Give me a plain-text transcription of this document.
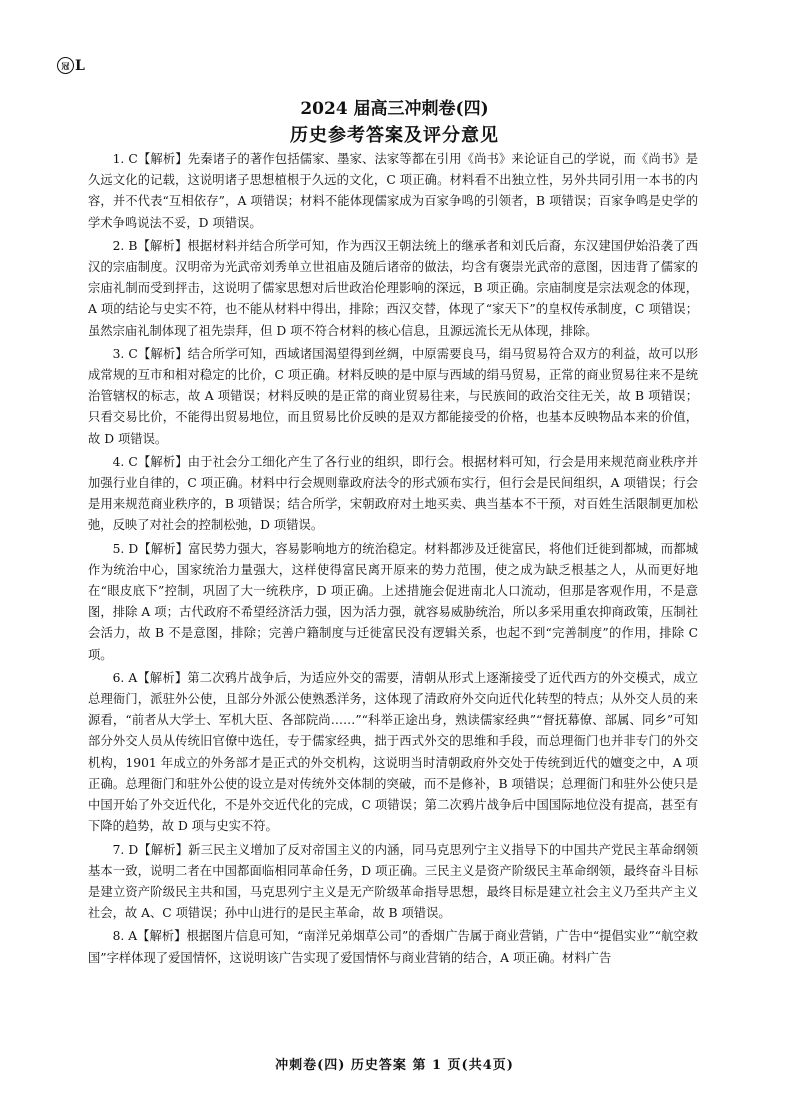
冠 L
2024 届高三冲刺卷(四)
历史参考答案及评分意见

1. C【解析】先秦诸子的著作包括儒家、墨家、法家等都在引用《尚书》来论证自己的学说，而《尚书》是久远文化的记载，这说明诸子思想植根于久远的文化，C 项正确。材料看不出独立性，另外共同引用一本书的内容，并不代表“互相依存”，A 项错误；材料不能体现儒家成为百家争鸣的引领者，B 项错误；百家争鸣是史学的学术争鸣说法不妥，D 项错误。

2. B【解析】根据材料并结合所学可知，作为西汉王朝法统上的继承者和刘氏后裔，东汉建国伊始沿袭了西汉的宗庙制度。汉明帝为光武帝刘秀单立世祖庙及随后诸帝的做法，均含有褒崇光武帝的意图，因违背了儒家的宗庙礼制而受到抨击，这说明了儒家思想对后世政治伦理影响的深远，B 项正确。宗庙制度是宗法观念的体现，A 项的结论与史实不符，也不能从材料中得出，排除；西汉交替，体现了“家天下”的皇权传承制度，C 项错误；虽然宗庙礼制体现了祖先崇拜，但 D 项不符合材料的核心信息，且源远流长无从体现，排除。

3. C【解析】结合所学可知，西域诸国渴望得到丝绸，中原需要良马，绢马贸易符合双方的利益，故可以形成常规的互市和相对稳定的比价，C 项正确。材料反映的是中原与西域的绢马贸易，正常的商业贸易往来不是统治管辖权的标志，故 A 项错误；材料反映的是正常的商业贸易往来，与民族间的政治交往无关，故 B 项错误；只看交易比价，不能得出贸易地位，而且贸易比价反映的是双方都能接受的价格，也基本反映物品本来的价值，故 D 项错误。

4. C【解析】由于社会分工细化产生了各行业的组织，即行会。根据材料可知，行会是用来规范商业秩序并加强行业自律的，C 项正确。材料中行会规则靠政府法令的形式颁布实行，但行会是民间组织，A 项错误；行会是用来规范商业秩序的，B 项错误；结合所学，宋朝政府对土地买卖、典当基本不干预，对百姓生活限制更加松弛，反映了对社会的控制松弛，D 项错误。

5. D【解析】富民势力强大，容易影响地方的统治稳定。材料都涉及迁徙富民，将他们迁徙到都城，而都城作为统治中心，国家统治力量强大，这样使得富民离开原来的势力范围，使之成为缺乏根基之人，从而更好地在“眼皮底下”控制，巩固了大一统秩序，D 项正确。上述措施会促进南北人口流动，但那是客观作用，不是意图，排除 A 项；古代政府不希望经济活力强，因为活力强，就容易威胁统治，所以多采用重农抑商政策，压制社会活力，故 B 不是意图，排除；完善户籍制度与迁徙富民没有逻辑关系，也起不到“完善制度”的作用，排除 C 项。

6. A【解析】第二次鸦片战争后，为适应外交的需要，清朝从形式上逐渐接受了近代西方的外交模式，成立总理衙门，派驻外公使，且部分外派公使熟悉洋务，这体现了清政府外交向近代化转型的特点；从外交人员的来源看，“前者从大学士、军机大臣、各部院尚……”“科举正途出身，熟读儒家经典”“督抚幕僚、部属、同乡”可知部分外交人员从传统旧官僚中选任，专于儒家经典，拙于西式外交的思维和手段，而总理衙门也并非专门的外交机构，1901 年成立的外务部才是正式的外交机构，这说明当时清朝政府外交处于传统到近代的嬗变之中，A 项正确。总理衙门和驻外公使的设立是对传统外交体制的突破，而不是修补，B 项错误；总理衙门和驻外公使只是中国开始了外交近代化，不是外交近代化的完成，C 项错误；第二次鸦片战争后中国国际地位没有提高，甚至有下降的趋势，故 D 项与史实不符。

7. D【解析】新三民主义增加了反对帝国主义的内涵，同马克思列宁主义指导下的中国共产党民主革命纲领基本一致，说明二者在中国都面临相同革命任务，D 项正确。三民主义是资产阶级民主革命纲领，最终奋斗目标是建立资产阶级民主共和国，马克思列宁主义是无产阶级革命指导思想，最终目标是建立社会主义乃至共产主义社会，故 A、C 项错误；孙中山进行的是民主革命，故 B 项错误。

8. A【解析】根据图片信息可知，“南洋兄弟烟草公司”的香烟广告属于商业营销，广告中“提倡实业”“航空救国”字样体现了爱国情怀，这说明该广告实现了爱国情怀与商业营销的结合，A 项正确。材料广告

冲刺卷(四) 历史答案 第 1 页(共4页)
